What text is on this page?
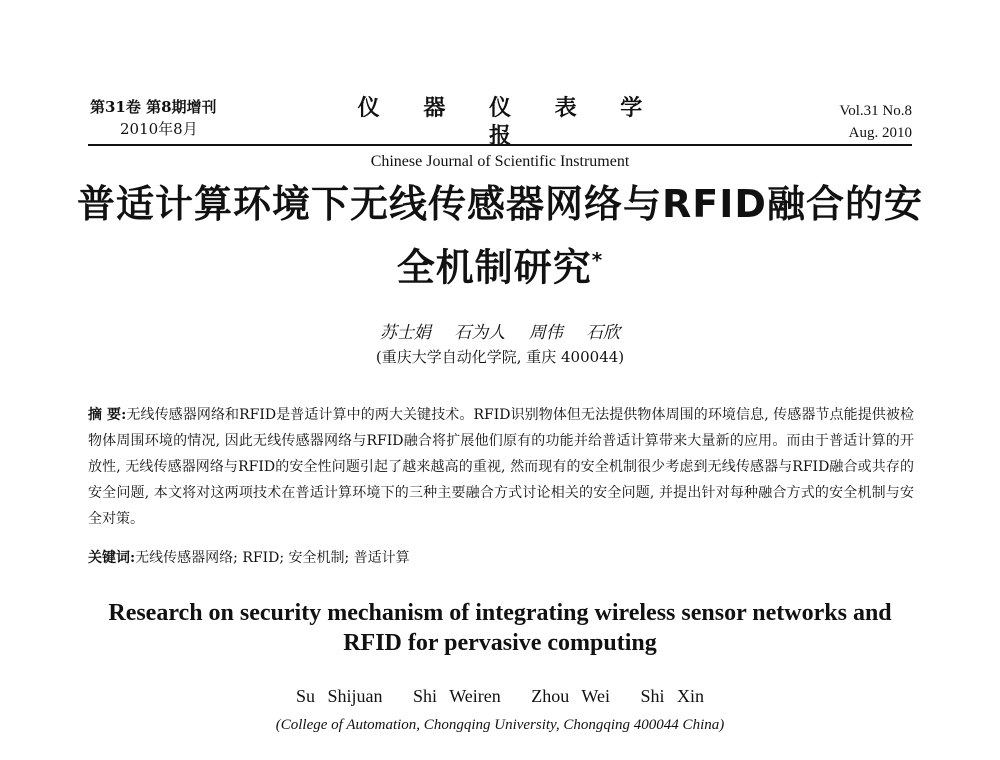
第31卷 第8期增刊
2010年8月
仪 器 仪 表 学 报
Chinese Journal of Scientific Instrument
Vol.31 No.8
Aug. 2010
普适计算环境下无线传感器网络与RFID融合的安
全机制研究*
苏士娟 石为人 周伟 石欣
(重庆大学自动化学院, 重庆 400044)
摘 要:无线传感器网络和RFID是普适计算中的两大关键技术。RFID识别物体但无法提供物体周围的环境信息, 传感器节点能提供被检物体周围环境的情况, 因此无线传感器网络与RFID融合将扩展他们原有的功能并给普适计算带来大量新的应用。而由于普适计算的开放性, 无线传感器网络与RFID的安全性问题引起了越来越高的重视, 然而现有的安全机制很少考虑到无线传感器与RFID融合或共存的安全问题, 本文将对这两项技术在普适计算环境下的三种主要融合方式讨论相关的安全问题, 并提出针对每种融合方式的安全机制与安全对策。
关键词:无线传感器网络; RFID; 安全机制; 普适计算
Research on security mechanism of integrating wireless sensor networks and
RFID for pervasive computing
Su Shijuan Shi Weiren Zhou Wei Shi Xin
(College of Automation, Chongqing University, Chongqing 400044 China)
